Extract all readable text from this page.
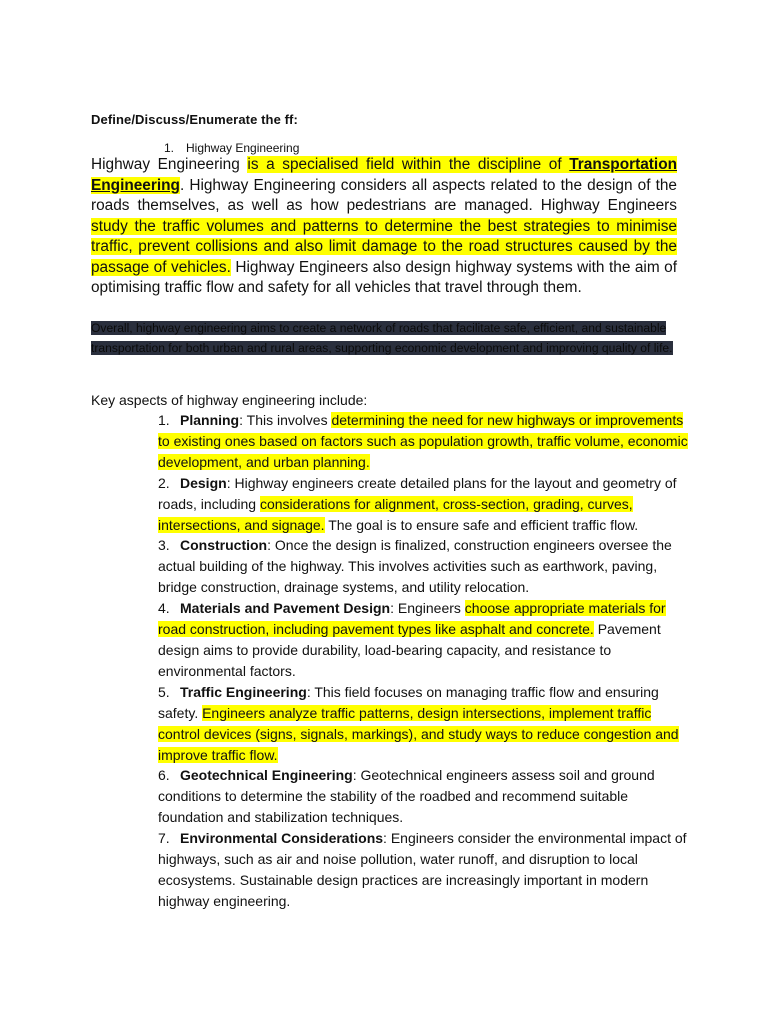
Define/Discuss/Enumerate the ff:
1. Highway Engineering
Highway Engineering is a specialised field within the discipline of Transportation Engineering. Highway Engineering considers all aspects related to the design of the roads themselves, as well as how pedestrians are managed. Highway Engineers study the traffic volumes and patterns to determine the best strategies to minimise traffic, prevent collisions and also limit damage to the road structures caused by the passage of vehicles. Highway Engineers also design highway systems with the aim of optimising traffic flow and safety for all vehicles that travel through them.

Overall, highway engineering aims to create a network of roads that facilitate safe, efficient, and sustainable transportation for both urban and rural areas, supporting economic development and improving quality of life.

Key aspects of highway engineering include:
1. Planning: This involves determining the need for new highways or improvements to existing ones based on factors such as population growth, traffic volume, economic development, and urban planning.
2. Design: Highway engineers create detailed plans for the layout and geometry of roads, including considerations for alignment, cross-section, grading, curves, intersections, and signage. The goal is to ensure safe and efficient traffic flow.
3. Construction: Once the design is finalized, construction engineers oversee the actual building of the highway. This involves activities such as earthwork, paving, bridge construction, drainage systems, and utility relocation.
4. Materials and Pavement Design: Engineers choose appropriate materials for road construction, including pavement types like asphalt and concrete. Pavement design aims to provide durability, load-bearing capacity, and resistance to environmental factors.
5. Traffic Engineering: This field focuses on managing traffic flow and ensuring safety. Engineers analyze traffic patterns, design intersections, implement traffic control devices (signs, signals, markings), and study ways to reduce congestion and improve traffic flow.
6. Geotechnical Engineering: Geotechnical engineers assess soil and ground conditions to determine the stability of the roadbed and recommend suitable foundation and stabilization techniques.
7. Environmental Considerations: Engineers consider the environmental impact of highways, such as air and noise pollution, water runoff, and disruption to local ecosystems. Sustainable design practices are increasingly important in modern highway engineering.
